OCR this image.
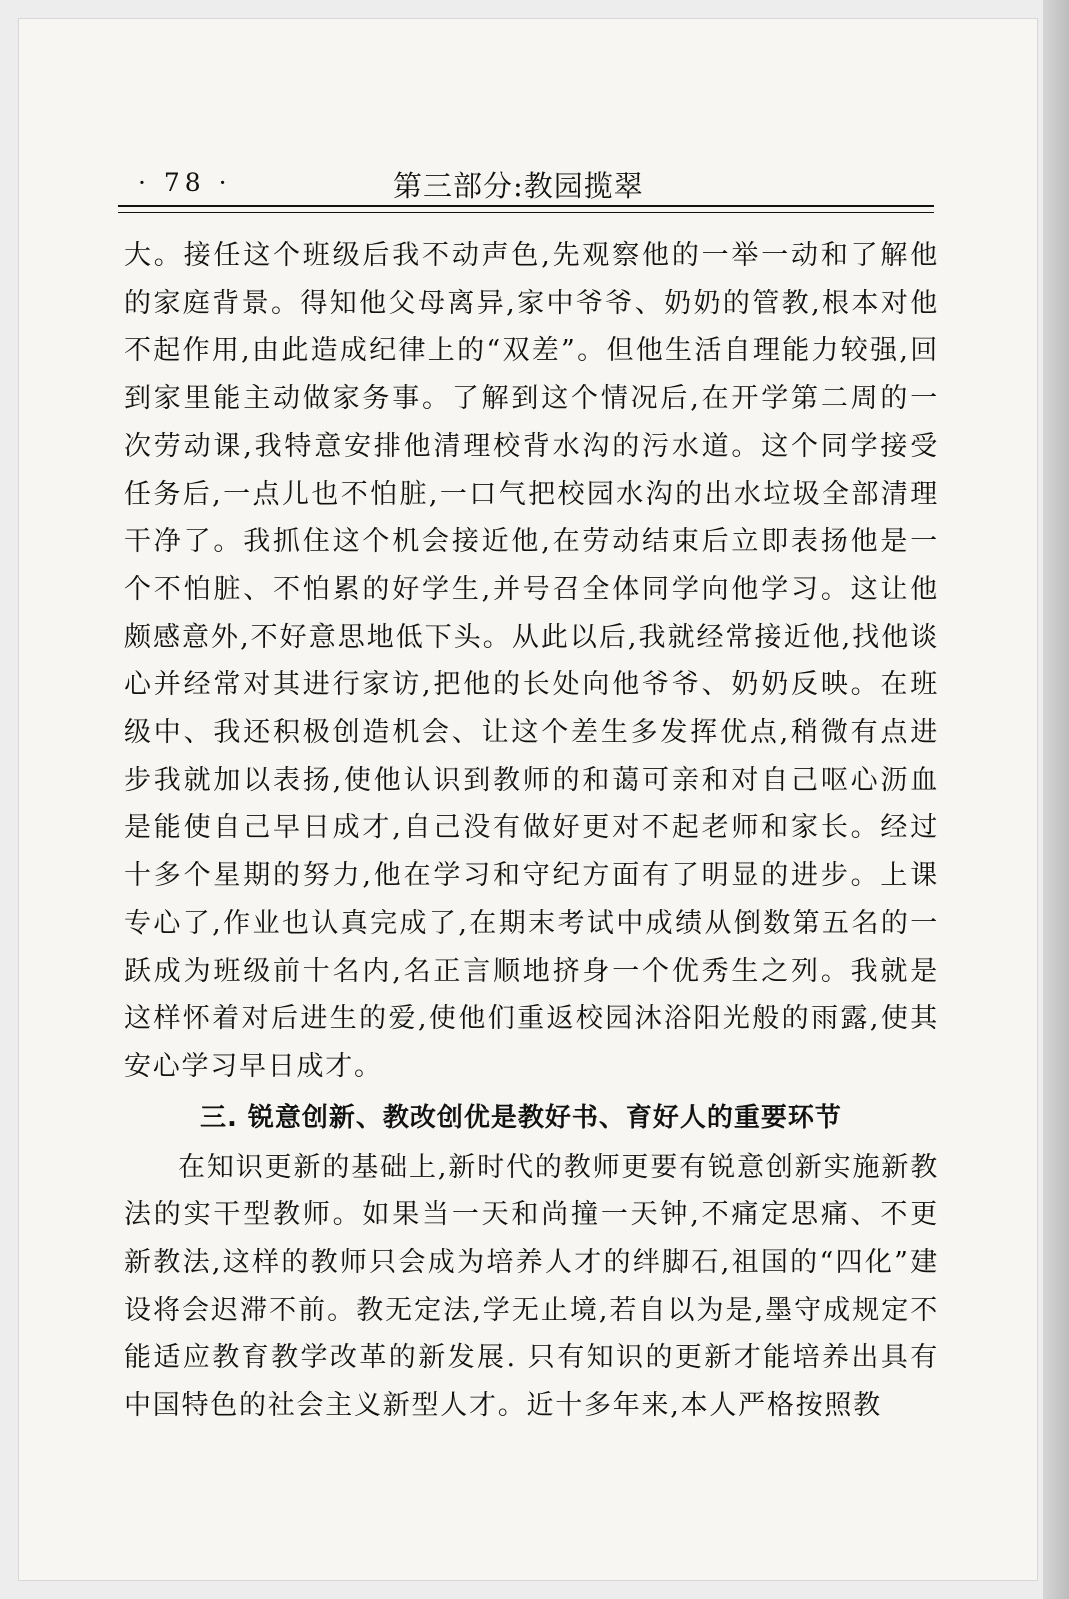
· 78 ·	第三部分:教园揽翠

大。接任这个班级后我不动声色,先观察他的一举一动和了解他的家庭背景。得知他父母离异,家中爷爷、奶奶的管教,根本对他不起作用,由此造成纪律上的“双差”。但他生活自理能力较强,回到家里能主动做家务事。了解到这个情况后,在开学第二周的一次劳动课,我特意安排他清理校背水沟的污水道。这个同学接受任务后,一点儿也不怕脏,一口气把校园水沟的出水垃圾全部清理干净了。我抓住这个机会接近他,在劳动结束后立即表扬他是一个不怕脏、不怕累的好学生,并号召全体同学向他学习。这让他颇感意外,不好意思地低下头。从此以后,我就经常接近他,找他谈心并经常对其进行家访,把他的长处向他爷爷、奶奶反映。在班级中、我还积极创造机会、让这个差生多发挥优点,稍微有点进步我就加以表扬,使他认识到教师的和蔼可亲和对自己呕心沥血是能使自己早日成才,自己没有做好更对不起老师和家长。经过十多个星期的努力,他在学习和守纪方面有了明显的进步。上课专心了,作业也认真完成了,在期末考试中成绩从倒数第五名的一跃成为班级前十名内,名正言顺地挤身一个优秀生之列。我就是这样怀着对后进生的爱,使他们重返校园沐浴阳光般的雨露,使其安心学习早日成才。

三. 锐意创新、教改创优是教好书、育好人的重要环节

在知识更新的基础上,新时代的教师更要有锐意创新实施新教法的实干型教师。如果当一天和尚撞一天钟,不痛定思痛、不更新教法,这样的教师只会成为培养人才的绊脚石,祖国的“四化”建设将会迟滞不前。教无定法,学无止境,若自以为是,墨守成规定不能适应教育教学改革的新发展. 只有知识的更新才能培养出具有中国特色的社会主义新型人才。近十多年来,本人严格按照教
